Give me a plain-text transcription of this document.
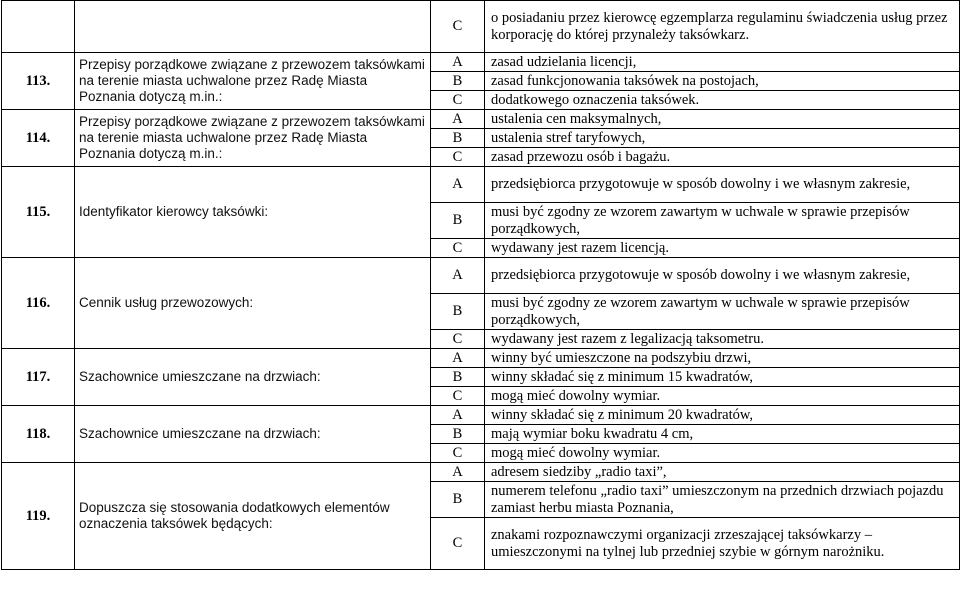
		C	o posiadaniu przez kierowcę egzemplarza regulaminu świadczenia usług przez korporację do której przynależy taksówkarz.
113.	Przepisy porządkowe związane z przewozem taksówkami na terenie miasta uchwalone przez Radę Miasta Poznania dotyczą m.in.:	A	zasad udzielania licencji,
		B	zasad funkcjonowania taksówek na postojach,
		C	dodatkowego oznaczenia taksówek.
114.	Przepisy porządkowe związane z przewozem taksówkami na terenie miasta uchwalone przez Radę Miasta Poznania dotyczą m.in.:	A	ustalenia cen maksymalnych,
		B	ustalenia stref taryfowych,
		C	zasad przewozu osób i bagażu.
115.	Identyfikator kierowcy taksówki:	A	przedsiębiorca przygotowuje w sposób dowolny i we własnym zakresie,
		B	musi być zgodny ze wzorem zawartym w uchwale w sprawie przepisów porządkowych,
		C	wydawany jest razem licencją.
116.	Cennik usług przewozowych:	A	przedsiębiorca przygotowuje w sposób dowolny i we własnym zakresie,
		B	musi być zgodny ze wzorem zawartym w uchwale w sprawie przepisów porządkowych,
		C	wydawany jest razem z legalizacją taksometru.
117.	Szachownice umieszczane na drzwiach:	A	winny być umieszczone na podszybiu drzwi,
		B	winny składać się z minimum 15 kwadratów,
		C	mogą mieć dowolny wymiar.
118.	Szachownice umieszczane na drzwiach:	A	winny składać się z minimum 20 kwadratów,
		B	mają wymiar boku kwadratu 4 cm,
		C	mogą mieć dowolny wymiar.
119.	Dopuszcza się stosowania dodatkowych elementów oznaczenia taksówek będących:	A	adresem siedziby „radio taxi”,
		B	numerem telefonu „radio taxi” umieszczonym na przednich drzwiach pojazdu zamiast herbu miasta Poznania,
		C	znakami rozpoznawczymi organizacji zrzeszającej taksówkarzy – umieszczonymi na tylnej lub przedniej szybie w górnym narożniku.
